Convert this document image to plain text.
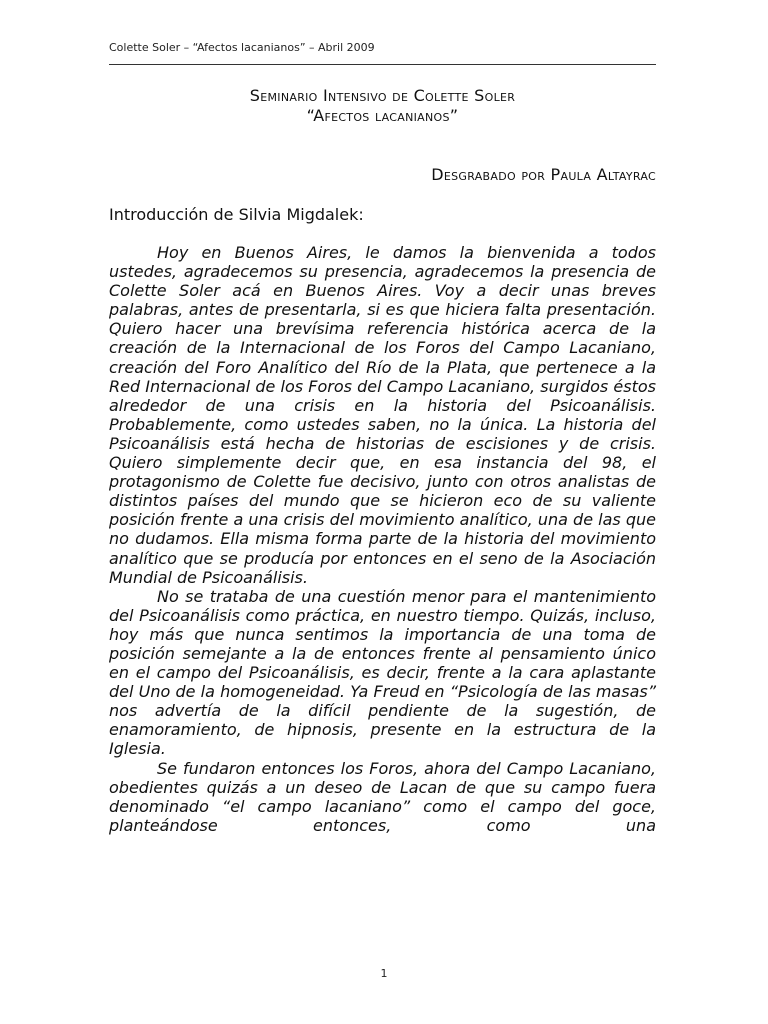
Colette Soler – “Afectos lacanianos” – Abril 2009
Seminario Intensivo de Colette Soler
“Afectos lacanianos”
Desgrabado por Paula Altayrac
Introducción de Silvia Migdalek:

Hoy en Buenos Aires, le damos la bienvenida a todos ustedes, agradecemos su presencia, agradecemos la presencia de Colette Soler acá en Buenos Aires. Voy a decir unas breves palabras, antes de presentarla, si es que hiciera falta presentación. Quiero hacer una brevísima referencia histórica acerca de la creación de la Internacional de los Foros del Campo Lacaniano, creación del Foro Analítico del Río de la Plata, que pertenece a la Red Internacional de los Foros del Campo Lacaniano, surgidos éstos alrededor de una crisis en la historia del Psicoanálisis. Probablemente, como ustedes saben, no la única. La historia del Psicoanálisis está hecha de historias de escisiones y de crisis. Quiero simplemente decir que, en esa instancia del 98, el protagonismo de Colette fue decisivo, junto con otros analistas de distintos países del mundo que se hicieron eco de su valiente posición frente a una crisis del movimiento analítico, una de las que no dudamos. Ella misma forma parte de la historia del movimiento analítico que se producía por entonces en el seno de la Asociación Mundial de Psicoanálisis.

No se trataba de una cuestión menor para el mantenimiento del Psicoanálisis como práctica, en nuestro tiempo. Quizás, incluso, hoy más que nunca sentimos la importancia de una toma de posición semejante a la de entonces frente al pensamiento único en el campo del Psicoanálisis, es decir, frente a la cara aplastante del Uno de la homogeneidad. Ya Freud en “Psicología de las masas” nos advertía de la difícil pendiente de la sugestión, de enamoramiento, de hipnosis, presente en la estructura de la Iglesia.

Se fundaron entonces los Foros, ahora del Campo Lacaniano, obedientes quizás a un deseo de Lacan de que su campo fuera denominado “el campo lacaniano” como el campo del goce, planteándose entonces, como una

1
